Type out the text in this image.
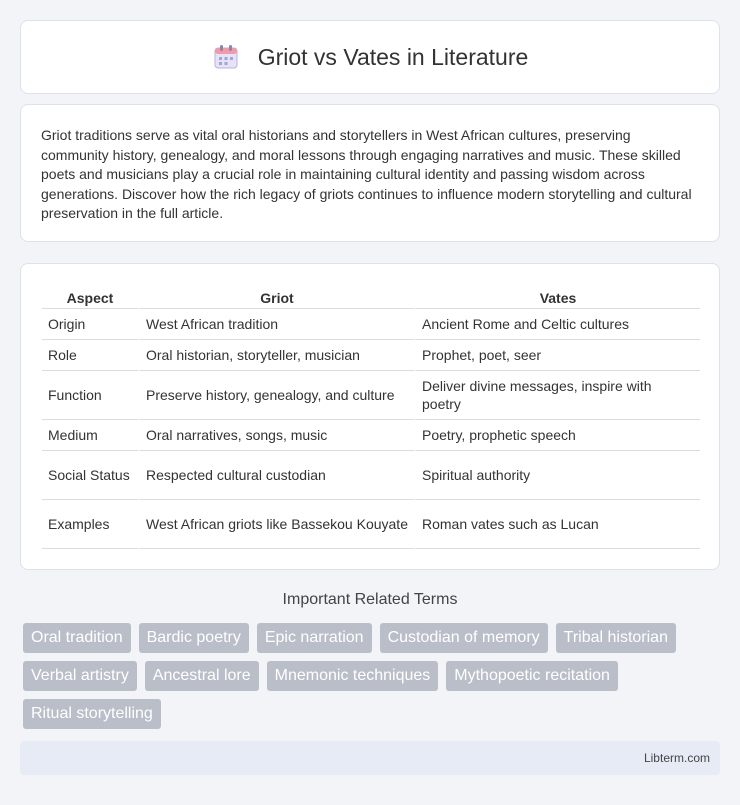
Griot vs Vates in Literature

Griot traditions serve as vital oral historians and storytellers in West African cultures, preserving community history, genealogy, and moral lessons through engaging narratives and music. These skilled poets and musicians play a crucial role in maintaining cultural identity and passing wisdom across generations. Discover how the rich legacy of griots continues to influence modern storytelling and cultural preservation in the full article.

Aspect	Griot	Vates
Origin	West African tradition	Ancient Rome and Celtic cultures
Role	Oral historian, storyteller, musician	Prophet, poet, seer
Function	Preserve history, genealogy, and culture	Deliver divine messages, inspire with poetry
Medium	Oral narratives, songs, music	Poetry, prophetic speech
Social Status	Respected cultural custodian	Spiritual authority
Examples	West African griots like Bassekou Kouyate	Roman vates such as Lucan
Important Related Terms
Oral tradition	Bardic poetry	Epic narration	Custodian of memory	Tribal historian
Verbal artistry	Ancestral lore	Mnemonic techniques	Mythopoetic recitation
Ritual storytelling
Libterm.com
